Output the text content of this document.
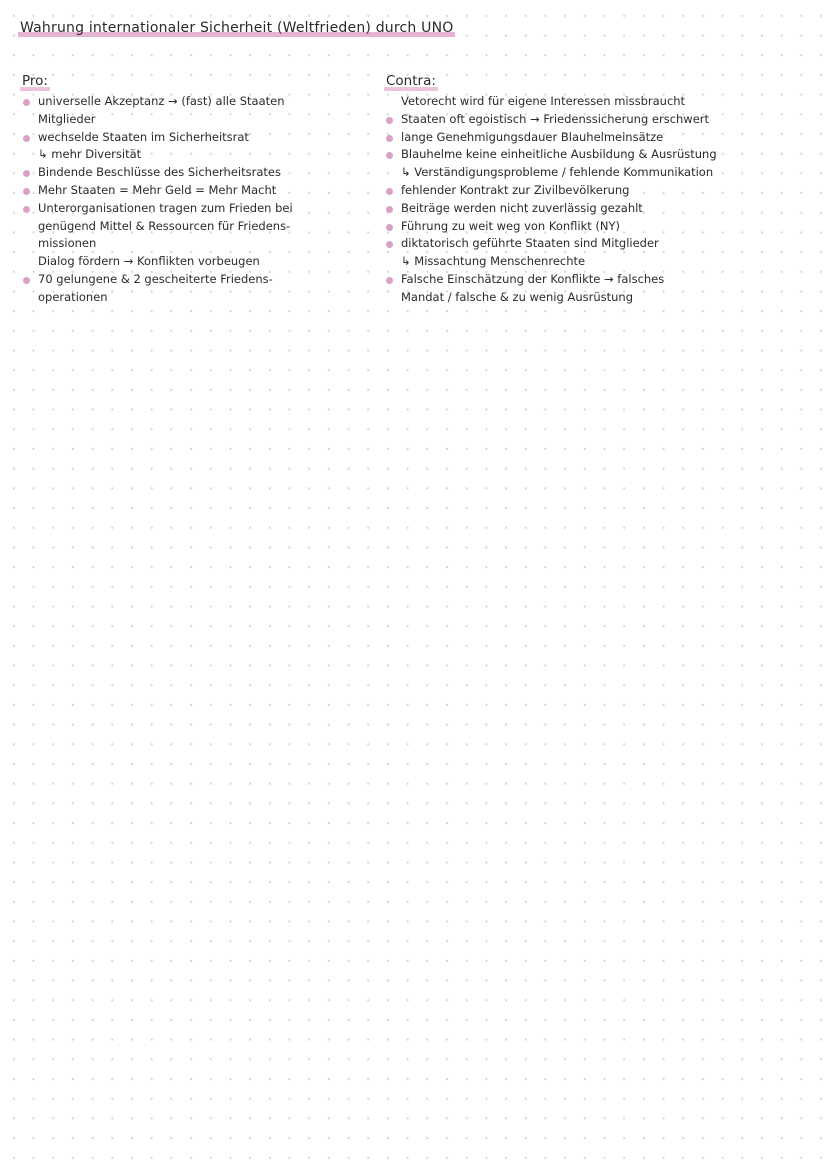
Wahrung internationaler Sicherheit (Weltfrieden) durch UNO
Pro:
universelle Akzeptanz → (fast) alle Staaten
Mitglieder
wechselde Staaten im Sicherheitsrat
↳ mehr Diversität
Bindende Beschlüsse des Sicherheitsrates
Mehr Staaten = Mehr Geld = Mehr Macht
Unterorganisationen tragen zum Frieden bei
genügend Mittel & Ressourcen für Friedens-
missionen
Dialog fördern → Konflikten vorbeugen
70 gelungene & 2 gescheiterte Friedens-
operationen
Contra:
Vetorecht wird für eigene Interessen missbraucht
Staaten oft egoistisch → Friedenssicherung erschwert
lange Genehmigungsdauer Blauhelmeinsätze
Blauhelme keine einheitliche Ausbildung & Ausrüstung
↳ Verständigungsprobleme / fehlende Kommunikation
fehlender Kontrakt zur Zivilbevölkerung
Beiträge werden nicht zuverlässig gezahlt
Führung zu weit weg von Konflikt (NY)
diktatorisch geführte Staaten sind Mitglieder
↳ Missachtung Menschenrechte
Falsche Einschätzung der Konflikte → falsches
Mandat / falsche & zu wenig Ausrüstung
